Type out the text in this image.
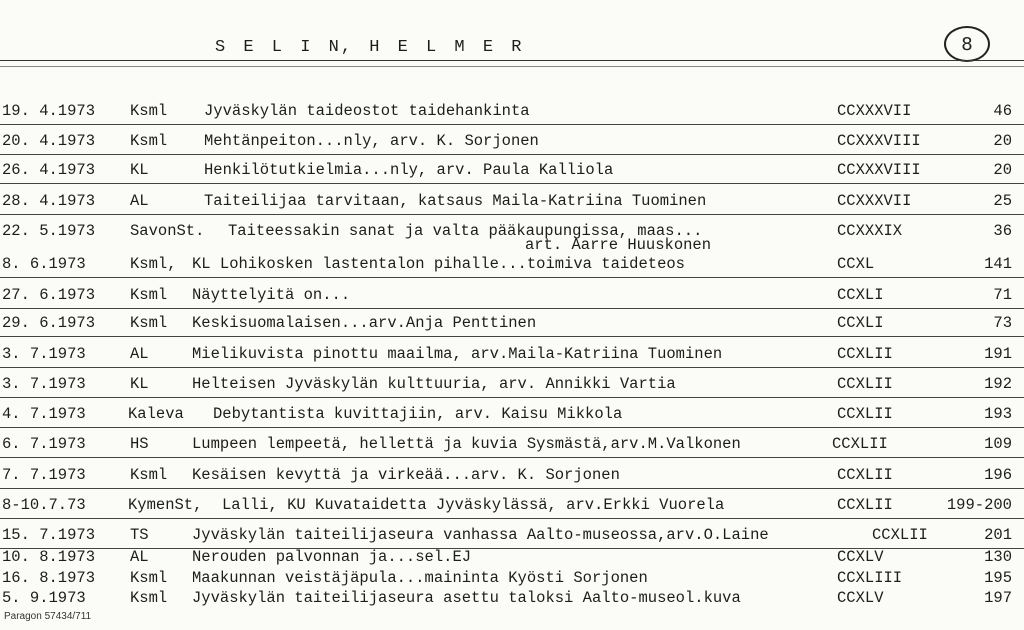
S E L I N, H E L M E R	8
19. 4.1973 Ksml Jyväskylän taideostot taidehankinta	CCXXXVII	46
20. 4.1973 Ksml Mehtänpeiton...nly, arv. K. Sorjonen	CCXXXVIII	20
26. 4.1973 KL	Henkilötutkielmia...nly, arv. Paula Kalliola	CCXXXVIII	20
28. 4.1973 AL	Taiteilijaa tarvitaan, katsaus Maila-Katriina Tuominen	CCXXXVII	25
22. 5.1973 SavonSt. Taiteessakin sanat ja valta pääkaupungissa, maas...	CCXXXIX	36
art. Aarre Huuskonen
8. 6.1973	Ksml, KL Lohikosken lastentalon pihalle...toimiva taideteos	CCXL	141
27. 6.1973 Ksml Näyttelyitä on...	CCXLI	71
29. 6.1973 Ksml Keskisuomalaisen...arv.Anja Penttinen	CCXLI	73
3. 7.1973	AL	Mielikuvista pinottu maailma, arv.Maila-Katriina Tuominen	CCXLII	191
3. 7.1973	KL	Helteisen Jyväskylän kulttuuria, arv. Annikki Vartia	CCXLII	192
4. 7.1973	Kaleva Debytantista kuvittajiin, arv. Kaisu Mikkola	CCXLII	193
6. 7.1973	HS	Lumpeen lempeetä, hellettä ja kuvia Sysmästä,arv.M.Valkonen	CCXLII	109
7. 7.1973	Ksml Kesäisen kevyttä ja virkeää...arv. K. Sorjonen	CCXLII	196
8-10.7.73	KymenSt, Lalli, KU Kuvataidetta Jyväskylässä, arv.Erkki Vuorela	CCXLII	199-200
15. 7.1973 TS	Jyväskylän taiteilijaseura vanhassa Aalto-museossa,arv.O.Laine	CCXLII	201
10. 8.1973 AL	Nerouden palvonnan ja...sel.EJ	CCXLV	130
16. 8.1973 Ksml Maakunnan veistäjäpula...maininta Kyösti Sorjonen	CCXLIII	195
5. 9.1973	Ksml Jyväskylän taiteilijaseura asettu taloksi Aalto-museol.kuva	CCXLV	197
Paragon 57434/711
